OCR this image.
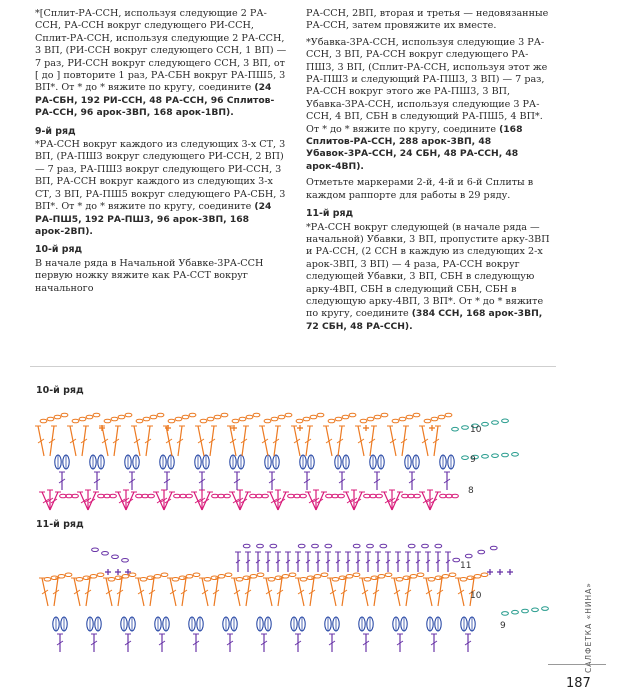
*[Сплит-РА-ССН, используя следующие 2 РА-ССН, РА-ССН вокруг следующего РИ-ССН, Сплит-РА-ССН, используя следующие 2 РА-ССН, 3 ВП, (РИ-ССН вокруг следующего ССН, 1 ВП) — 7 раз, РИ-ССН вокруг следующего ССН, 3 ВП, от [ до ] повторите 1 раз, РА-СБН вокруг РА-ПШ5, 3 ВП*. От * до * вяжите по кругу, соедините (24 РА-СБН, 192 РИ-ССН, 48 РА-ССН, 96 Сплитов-РА-ССН, 96 арок-3ВП, 168 арок-1ВП).

9-й ряд

*РА-ССН вокруг каждого из следующих 3-х СТ, 3 ВП, (РА-ПШ3 вокруг следующего РИ-ССН, 2 ВП) — 7 раз, РА-ПШ3 вокруг следующего РИ-ССН, 3 ВП, РА-ССН вокруг каждого из следующих 3-х СТ, 3 ВП, РА-ПШ5 вокруг следующего РА-СБН, 3 ВП*. От * до * вяжите по кругу, соедините (24 РА-ПШ5, 192 РА-ПШ3, 96 арок-3ВП, 168 арок-2ВП).

10-й ряд

В начале ряда в Начальной Убавке-3РА-ССН первую ножку вяжите как РА-ССТ вокруг начального

РА-ССН, 2ВП, вторая и третья — недовязанные РА-ССН, затем провяжите их вместе.

*Убавка-3РА-ССН, используя следующие 3 РА-ССН, 3 ВП, РА-ССН вокруг следующего РА-ПШ3, 3 ВП, (Сплит-РА-ССН, используя этот же РА-ПШ3 и следующий РА-ПШ3, 3 ВП) — 7 раз, РА-ССН вокруг этого же РА-ПШ3, 3 ВП, Убавка-3РА-ССН, используя следующие 3 РА-ССН, 4 ВП, СБН в следующий РА-ПШ5, 4 ВП*. От * до * вяжите по кругу, соедините (168 Сплитов-РА-ССН, 288 арок-3ВП, 48 Убавок-3РА-ССН, 24 СБН, 48 РА-ССН, 48 арок-4ВП).

Отметьте маркерами 2-й, 4-й и 6-й Сплиты в каждом раппорте для работы в 29 ряду.

11-й ряд

*РА-ССН вокруг следующей (в начале ряда — начальной) Убавки, 3 ВП, пропустите арку-3ВП и РА-ССН, (2 ССН в каждую из следующих 2-х арок-3ВП, 3 ВП) — 4 раза, РА-ССН вокруг следующей Убавки, 3 ВП, СБН в следующую арку-4ВП, СБН в следующий СБН, СБН в следующую арку-4ВП, 3 ВП*. От * до * вяжите по кругу, соедините (384 ССН, 168 арок-3ВП, 72 СБН, 48 РА-ССН).

10-й ряд
10
9
8
11-й ряд
11
10
9	САЛФЕТКА «НИНА»
187
